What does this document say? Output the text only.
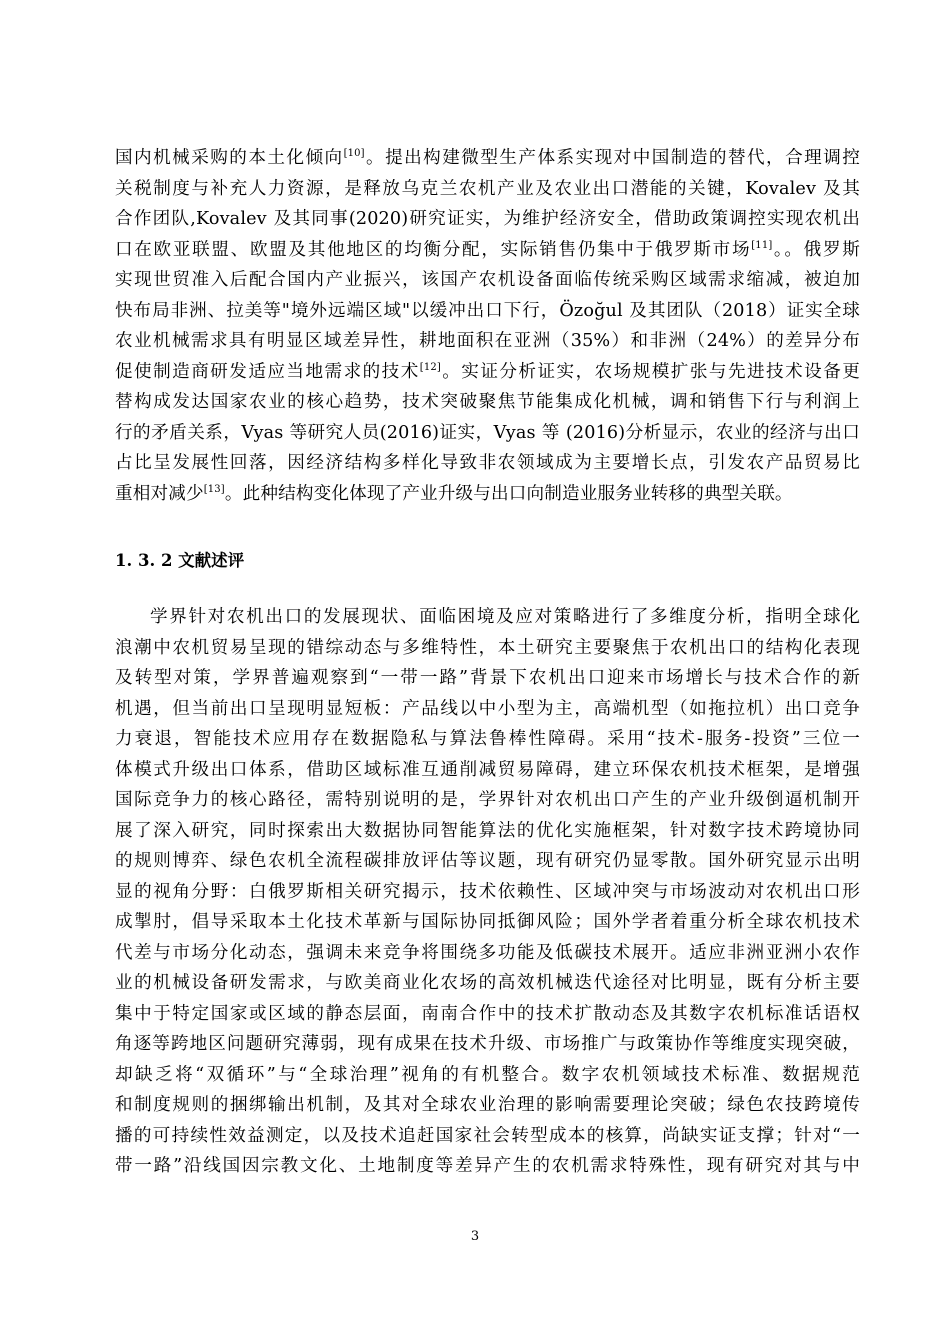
国内机械采购的本土化倾向[10]。提出构建微型生产体系实现对中国制造的替代，合理调控
关税制度与补充人力资源，是释放乌克兰农机产业及农业出口潜能的关键，Kovalev 及其
合作团队,Kovalev 及其同事(2020)研究证实，为维护经济安全，借助政策调控实现农机出
口在欧亚联盟、欧盟及其他地区的均衡分配，实际销售仍集中于俄罗斯市场[11]。。俄罗斯
实现世贸准入后配合国内产业振兴，该国产农机设备面临传统采购区域需求缩减，被迫加
快布局非洲、拉美等"境外远端区域"以缓冲出口下行，Özoğul 及其团队（2018）证实全球
农业机械需求具有明显区域差异性，耕地面积在亚洲（35%）和非洲（24%）的差异分布
促使制造商研发适应当地需求的技术[12]。实证分析证实，农场规模扩张与先进技术设备更
替构成发达国家农业的核心趋势，技术突破聚焦节能集成化机械，调和销售下行与利润上
行的矛盾关系，Vyas 等研究人员(2016)证实，Vyas 等 (2016)分析显示，农业的经济与出口
占比呈发展性回落，因经济结构多样化导致非农领域成为主要增长点，引发农产品贸易比
重相对减少[13]。此种结构变化体现了产业升级与出口向制造业服务业转移的典型关联。
1. 3. 2 文献述评
学界针对农机出口的发展现状、面临困境及应对策略进行了多维度分析，指明全球化
浪潮中农机贸易呈现的错综动态与多维特性，本土研究主要聚焦于农机出口的结构化表现
及转型对策，学界普遍观察到“一带一路”背景下农机出口迎来市场增长与技术合作的新
机遇，但当前出口呈现明显短板：产品线以中小型为主，高端机型（如拖拉机）出口竞争
力衰退，智能技术应用存在数据隐私与算法鲁棒性障碍。采用“技术-服务-投资”三位一
体模式升级出口体系，借助区域标准互通削减贸易障碍，建立环保农机技术框架，是增强
国际竞争力的核心路径，需特别说明的是，学界针对农机出口产生的产业升级倒逼机制开
展了深入研究，同时探索出大数据协同智能算法的优化实施框架，针对数字技术跨境协同
的规则博弈、绿色农机全流程碳排放评估等议题，现有研究仍显零散。国外研究显示出明
显的视角分野：白俄罗斯相关研究揭示，技术依赖性、区域冲突与市场波动对农机出口形
成掣肘，倡导采取本土化技术革新与国际协同抵御风险；国外学者着重分析全球农机技术
代差与市场分化动态，强调未来竞争将围绕多功能及低碳技术展开。适应非洲亚洲小农作
业的机械设备研发需求，与欧美商业化农场的高效机械迭代途径对比明显，既有分析主要
集中于特定国家或区域的静态层面，南南合作中的技术扩散动态及其数字农机标准话语权
角逐等跨地区问题研究薄弱，现有成果在技术升级、市场推广与政策协作等维度实现突破，
却缺乏将“双循环”与“全球治理”视角的有机整合。数字农机领域技术标准、数据规范
和制度规则的捆绑输出机制，及其对全球农业治理的影响需要理论突破；绿色农技跨境传
播的可持续性效益测定，以及技术追赶国家社会转型成本的核算，尚缺实证支撑；针对“一
带一路”沿线国因宗教文化、土地制度等差异产生的农机需求特殊性，现有研究对其与中
3
